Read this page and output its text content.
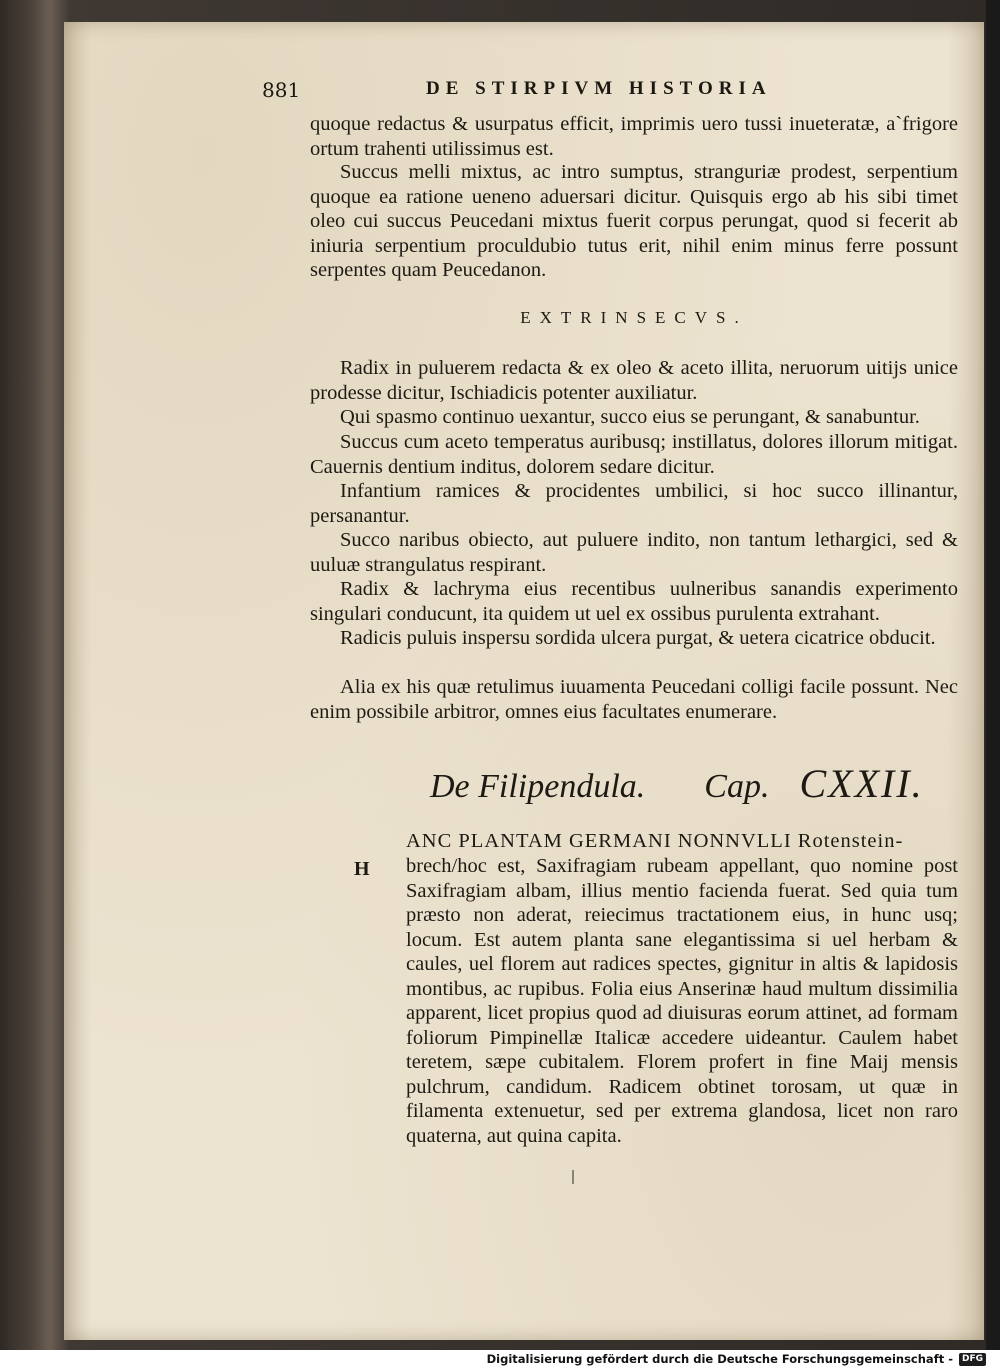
881	DE STIRPIVM HISTORIA

quoque redactus & usurpatus efficit, imprimis uero tussi inueteratæ, a`frigore ortum trahenti utilissimus est.

Succus melli mixtus, ac intro sumptus, stranguriæ prodest, serpentium quoque ea ratione ueneno aduersari dicitur. Quisquis ergo ab his sibi timet oleo cui succus Peucedani mixtus fuerit corpus perungat, quod si fecerit ab iniuria serpentium proculdubio tutus erit, nihil enim minus ferre possunt serpentes quam Peucedanon.

EXTRINSECVS.

Radix in puluerem redacta & ex oleo & aceto illita, neruorum uitijs unice prodesse dicitur, Ischiadicis potenter auxiliatur.

Qui spasmo continuo uexantur, succo eius se perungant, & sanabuntur.

Succus cum aceto temperatus auribusq; instillatus, dolores illorum mitigat. Cauernis dentium inditus, dolorem sedare dicitur.

Infantium ramices & procidentes umbilici, si hoc succo illinantur, persanantur.

Succo naribus obiecto, aut puluere indito, non tantum lethargici, sed & uuluæ strangulatus respirant.

Radix & lachryma eius recentibus uulneribus sanandis experimento singulari conducunt, ita quidem ut uel ex ossibus purulenta extrahant.

Radicis puluis inspersu sordida ulcera purgat, & uetera cicatrice obducit.

Alia ex his quæ retulimus iuuamenta Peucedani colligi facile possunt. Nec enim possibile arbitror, omnes eius facultates enumerare.

De Filipendula. Cap. CXXII.
H
ANC PLANTAM GERMANI NONNVLLI Rotenstein-

brech/hoc est, Saxifragiam rubeam appellant, quo nomine post Saxifragiam albam, illius mentio facienda fuerat. Sed quia tum præsto non aderat, reiecimus tractationem eius, in hunc usq; locum. Est autem planta sane elegantissima si uel herbam & caules, uel florem aut radices spectes, gignitur in altis & lapidosis montibus, ac rupibus. Folia eius Anserinæ haud multum dissimilia apparent, licet propius quod ad diuisuras eorum attinet, ad formam foliorum Pimpinellæ Italicæ accedere uideantur. Caulem habet teretem, sæpe cubitalem. Florem profert in fine Maij mensis pulchrum, candidum. Radicem obtinet torosam, ut quæ in filamenta extenuetur, sed per extrema glandosa, licet non raro quaterna, aut quina capita.

Digitalisierung gefördert durch die Deutsche Forschungsgemeinschaft -	DFG
